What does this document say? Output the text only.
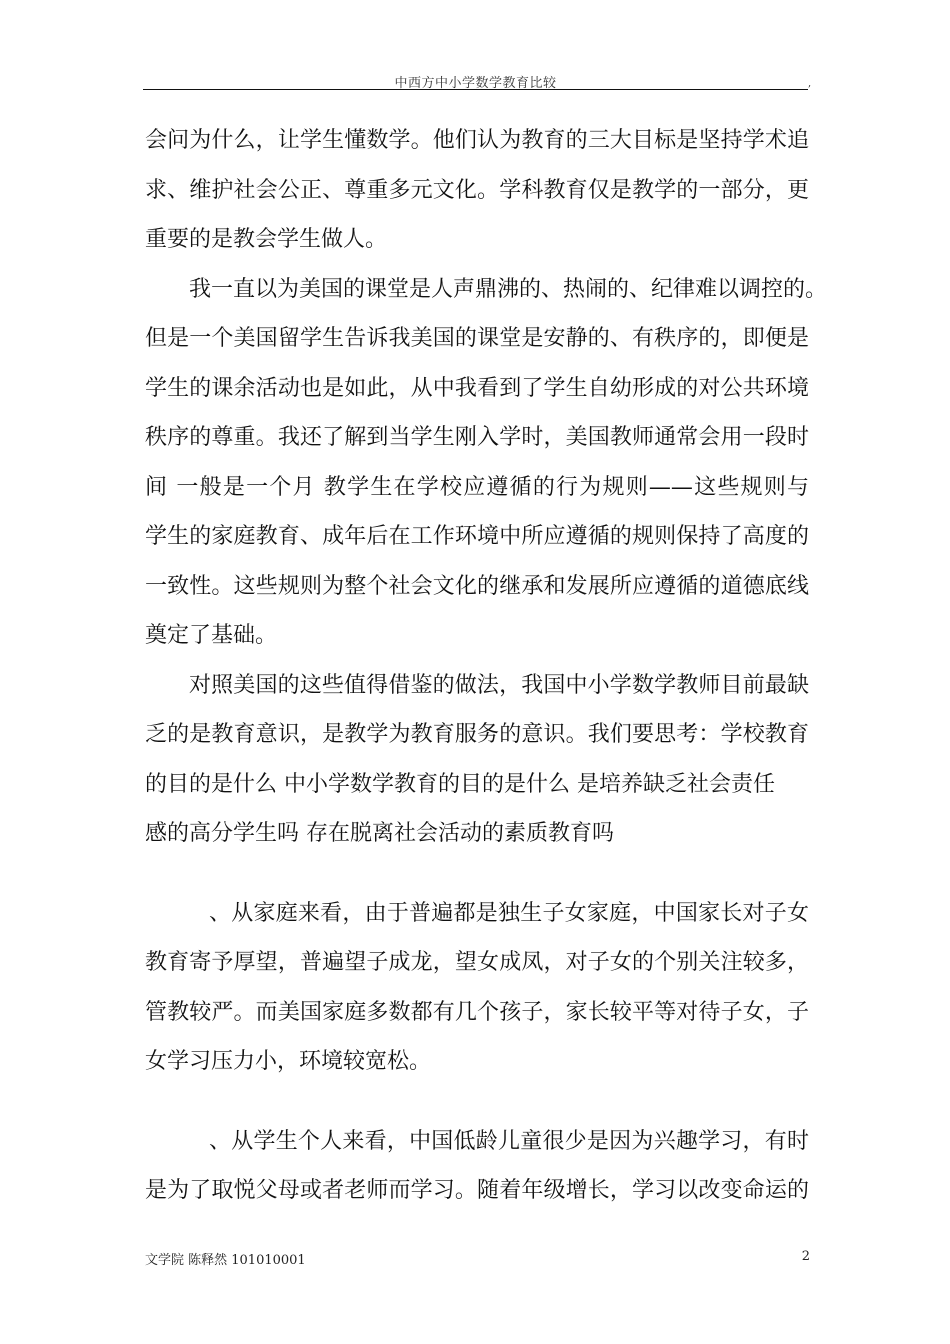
中西方中小学数学教育比较	,
会问为什么，让学生懂数学。他们认为教育的三大目标是坚持学术追
求、维护社会公正、尊重多元文化。学科教育仅是教学的一部分，更
重要的是教会学生做人。
我一直以为美国的课堂是人声鼎沸的、热闹的、纪律难以调控的。
但是一个美国留学生告诉我美国的课堂是安静的、有秩序的，即便是
学生的课余活动也是如此，从中我看到了学生自幼形成的对公共环境
秩序的尊重。我还了解到当学生刚入学时，美国教师通常会用一段时
间 一般是一个月 教学生在学校应遵循的行为规则——这些规则与
学生的家庭教育、成年后在工作环境中所应遵循的规则保持了高度的
一致性。这些规则为整个社会文化的继承和发展所应遵循的道德底线
奠定了基础。
对照美国的这些值得借鉴的做法，我国中小学数学教师目前最缺
乏的是教育意识，是教学为教育服务的意识。我们要思考：学校教育
的目的是什么 中小学数学教育的目的是什么 是培养缺乏社会责任
感的高分学生吗 存在脱离社会活动的素质教育吗
、从家庭来看，由于普遍都是独生子女家庭，中国家长对子女
教育寄予厚望，普遍望子成龙，望女成凤，对子女的个别关注较多，
管教较严。而美国家庭多数都有几个孩子，家长较平等对待子女，子
女学习压力小，环境较宽松。
、从学生个人来看，中国低龄儿童很少是因为兴趣学习，有时
是为了取悦父母或者老师而学习。随着年级增长，学习以改变命运的
文学院 陈释然 101010001	2
